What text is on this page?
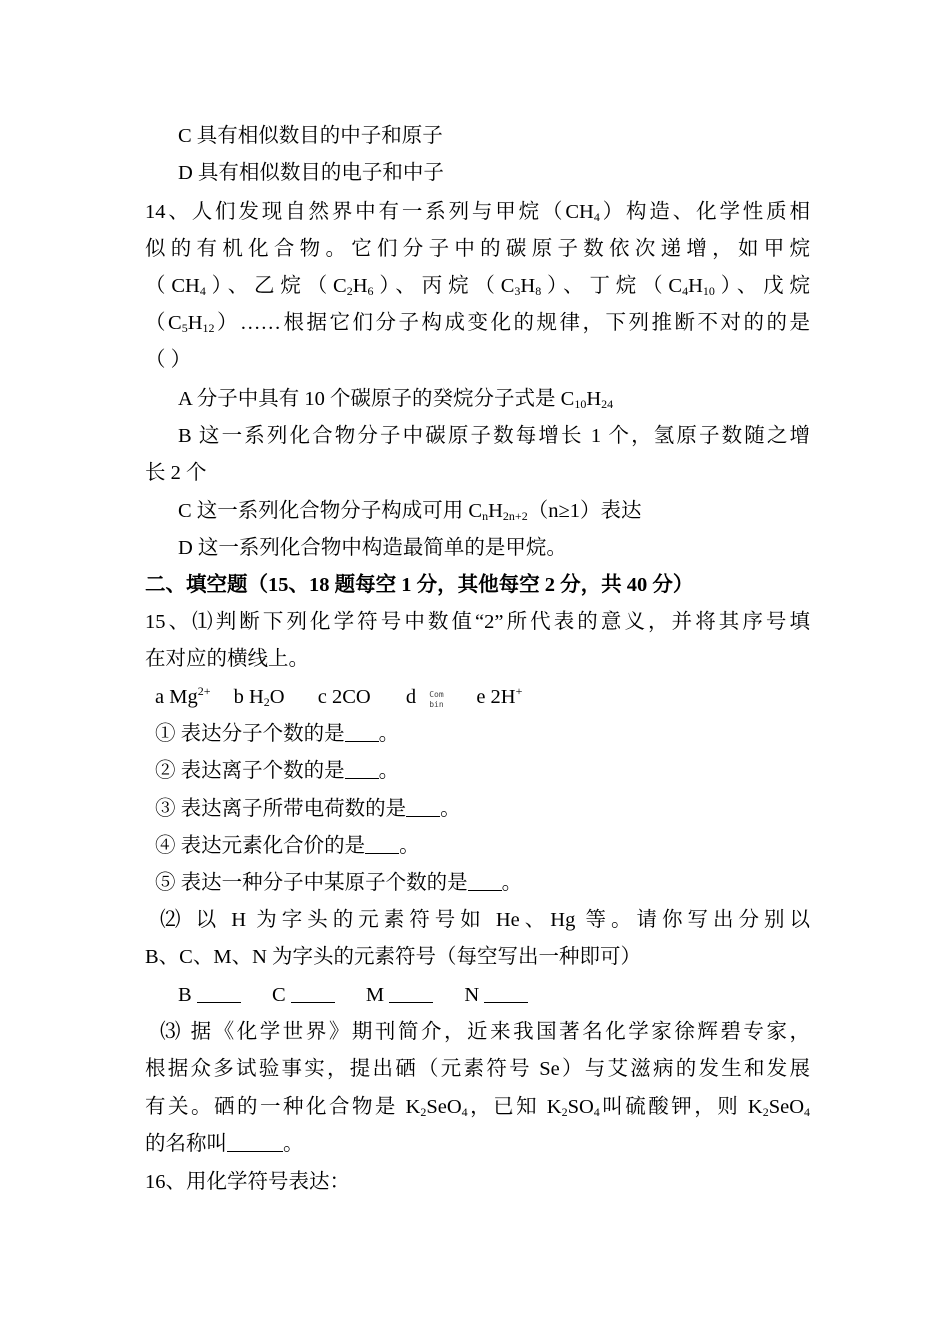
C 具有相似数目的中子和原子
D 具有相似数目的电子和中子
14、人们发现自然界中有一系列与甲烷$(CH_4)$构造、化学性质相
似的有机化合物。它们分子中的碳原子数依次递增，如甲烷
$(CH_4)$、乙烷$(C_2H_6)$、丙烷$(C_3H_8)$、丁烷$(C_4H_{10})$、戊烷
$(C_5H_{12})\dots\dots$根据它们分子构成变化的规律，下列推断不对的的是
（ ）
A 分子中具有 10 个碳原子的癸烷分子式是 $C_{10}H_{24}$
B 这一系列化合物分子中碳原子数每增长 1 个，氢原子数随之增
长 2 个
C 这一系列化合物分子构成可用 $C_nH_{2n+2}(n\ge 1)$表达
D 这一系列化合物中构造最简单的是甲烷。
二、填空题（15、18 题每空 1 分，其他每空 2 分，共 40 分）
15、⑴判断下列化学符号中数值“2”所代表的意义，并将其序号填
在对应的横线上。
a $Mg^{2+}$ b $H_2O$ c 2CO d Com
bin	e 2H+
① 表达分子个数的是 。
② 表达离子个数的是 。
③ 表达离子所带电荷数的是 。
④ 表达元素化合价的是 。
⑤ 表达一种分子中某原子个数的是 。
⑵ 以 H 为字头的元素符号如 He、Hg 等。请你写出分别以
B、C、M、N 为字头的元素符号（每空写出一种即可）
B	C	M	N
⑶ 据《化学世界》期刊简介，近来我国著名化学家徐辉碧专家，
根据众多试验事实，提出硒（元素符号 Se）与艾滋病的发生和发展
有关。硒的一种化合物是 $K_2SeO_4$，已知 $K_2SO_4$叫硫酸钾，则 $K_2SeO_4$
的名称叫	。
16、用化学符号表达：
